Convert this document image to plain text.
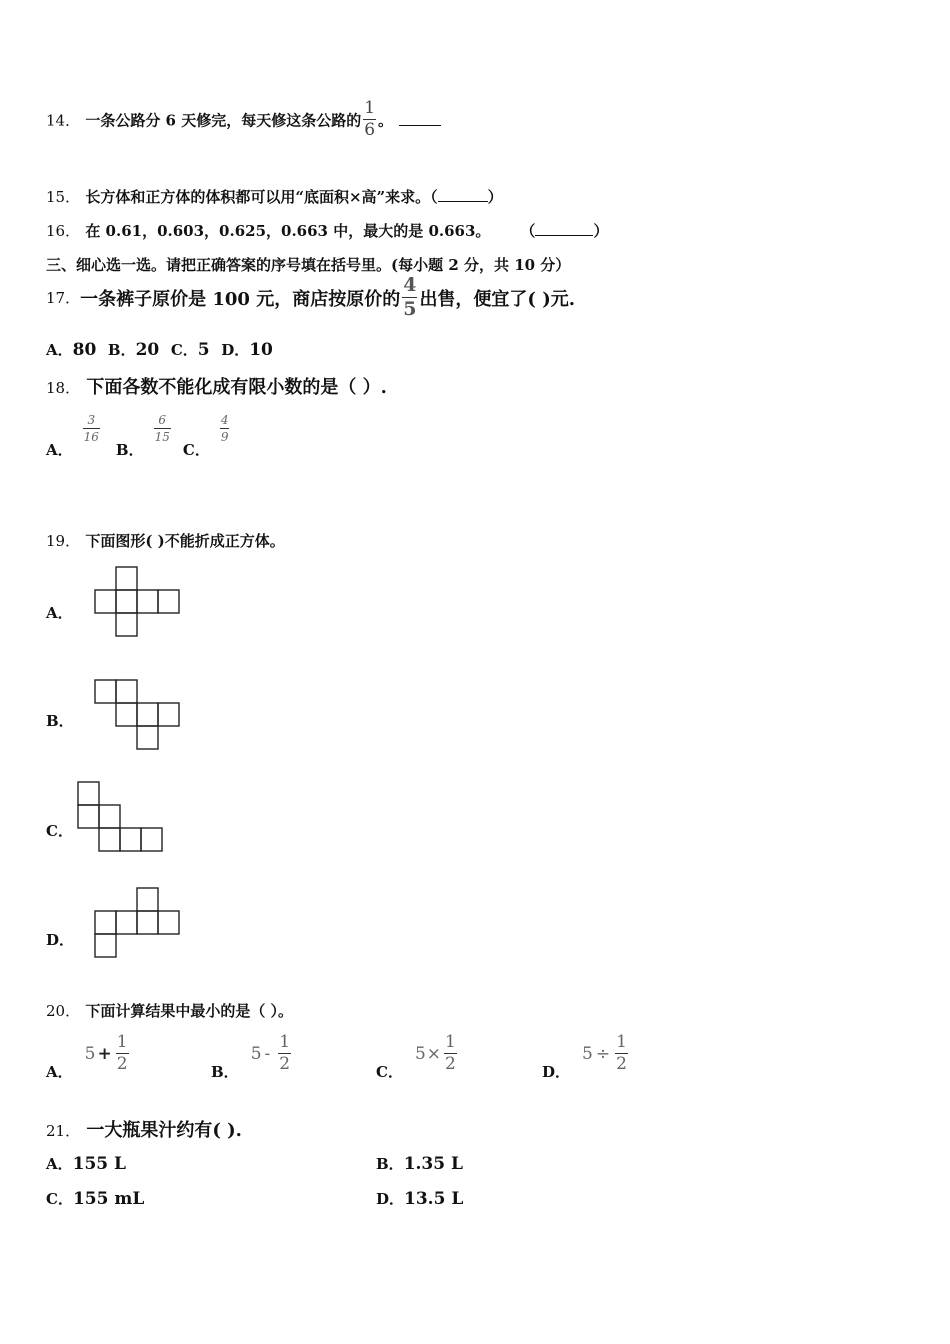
14． 一条公路分 6 天修完，每天修这条公路的 $\frac{1}{6}$ 。
15． 长方体和正方体的体积都可以用“底面积×高”来求。（	）
16． 在 0.61，0.603，0.625，0.663 中，最大的是 0.663。 （	）
三、细心选一选。请把正确答案的序号填在括号里。(每小题 2 分，共 10 分）
17． 一条裤子原价是 100 元，商店按原价的 $\frac{4}{5}$ 出售，便宜了( )元.
A．80 B．20 C．5 D．10
18． 下面各数不能化成有限小数的是（ ）.
A．
$\frac{3}{16}$
B．
$\frac{6}{15}$
C．
$\frac{4}{9}$
19． 下面图形( )不能折成正方体。
A．
B．
C．
D．
20． 下面计算结果中最小的是（ ）。
A．
$5 + \frac{1}{2}$	B．
$5 - \frac{1}{2}$	C．
$5 \times \frac{1}{2}$	D．
$5 \div \frac{1}{2}$
21． 一大瓶果汁约有( ).
A．155 L	B．1.35 L
C．155 mL	D．13.5 L
